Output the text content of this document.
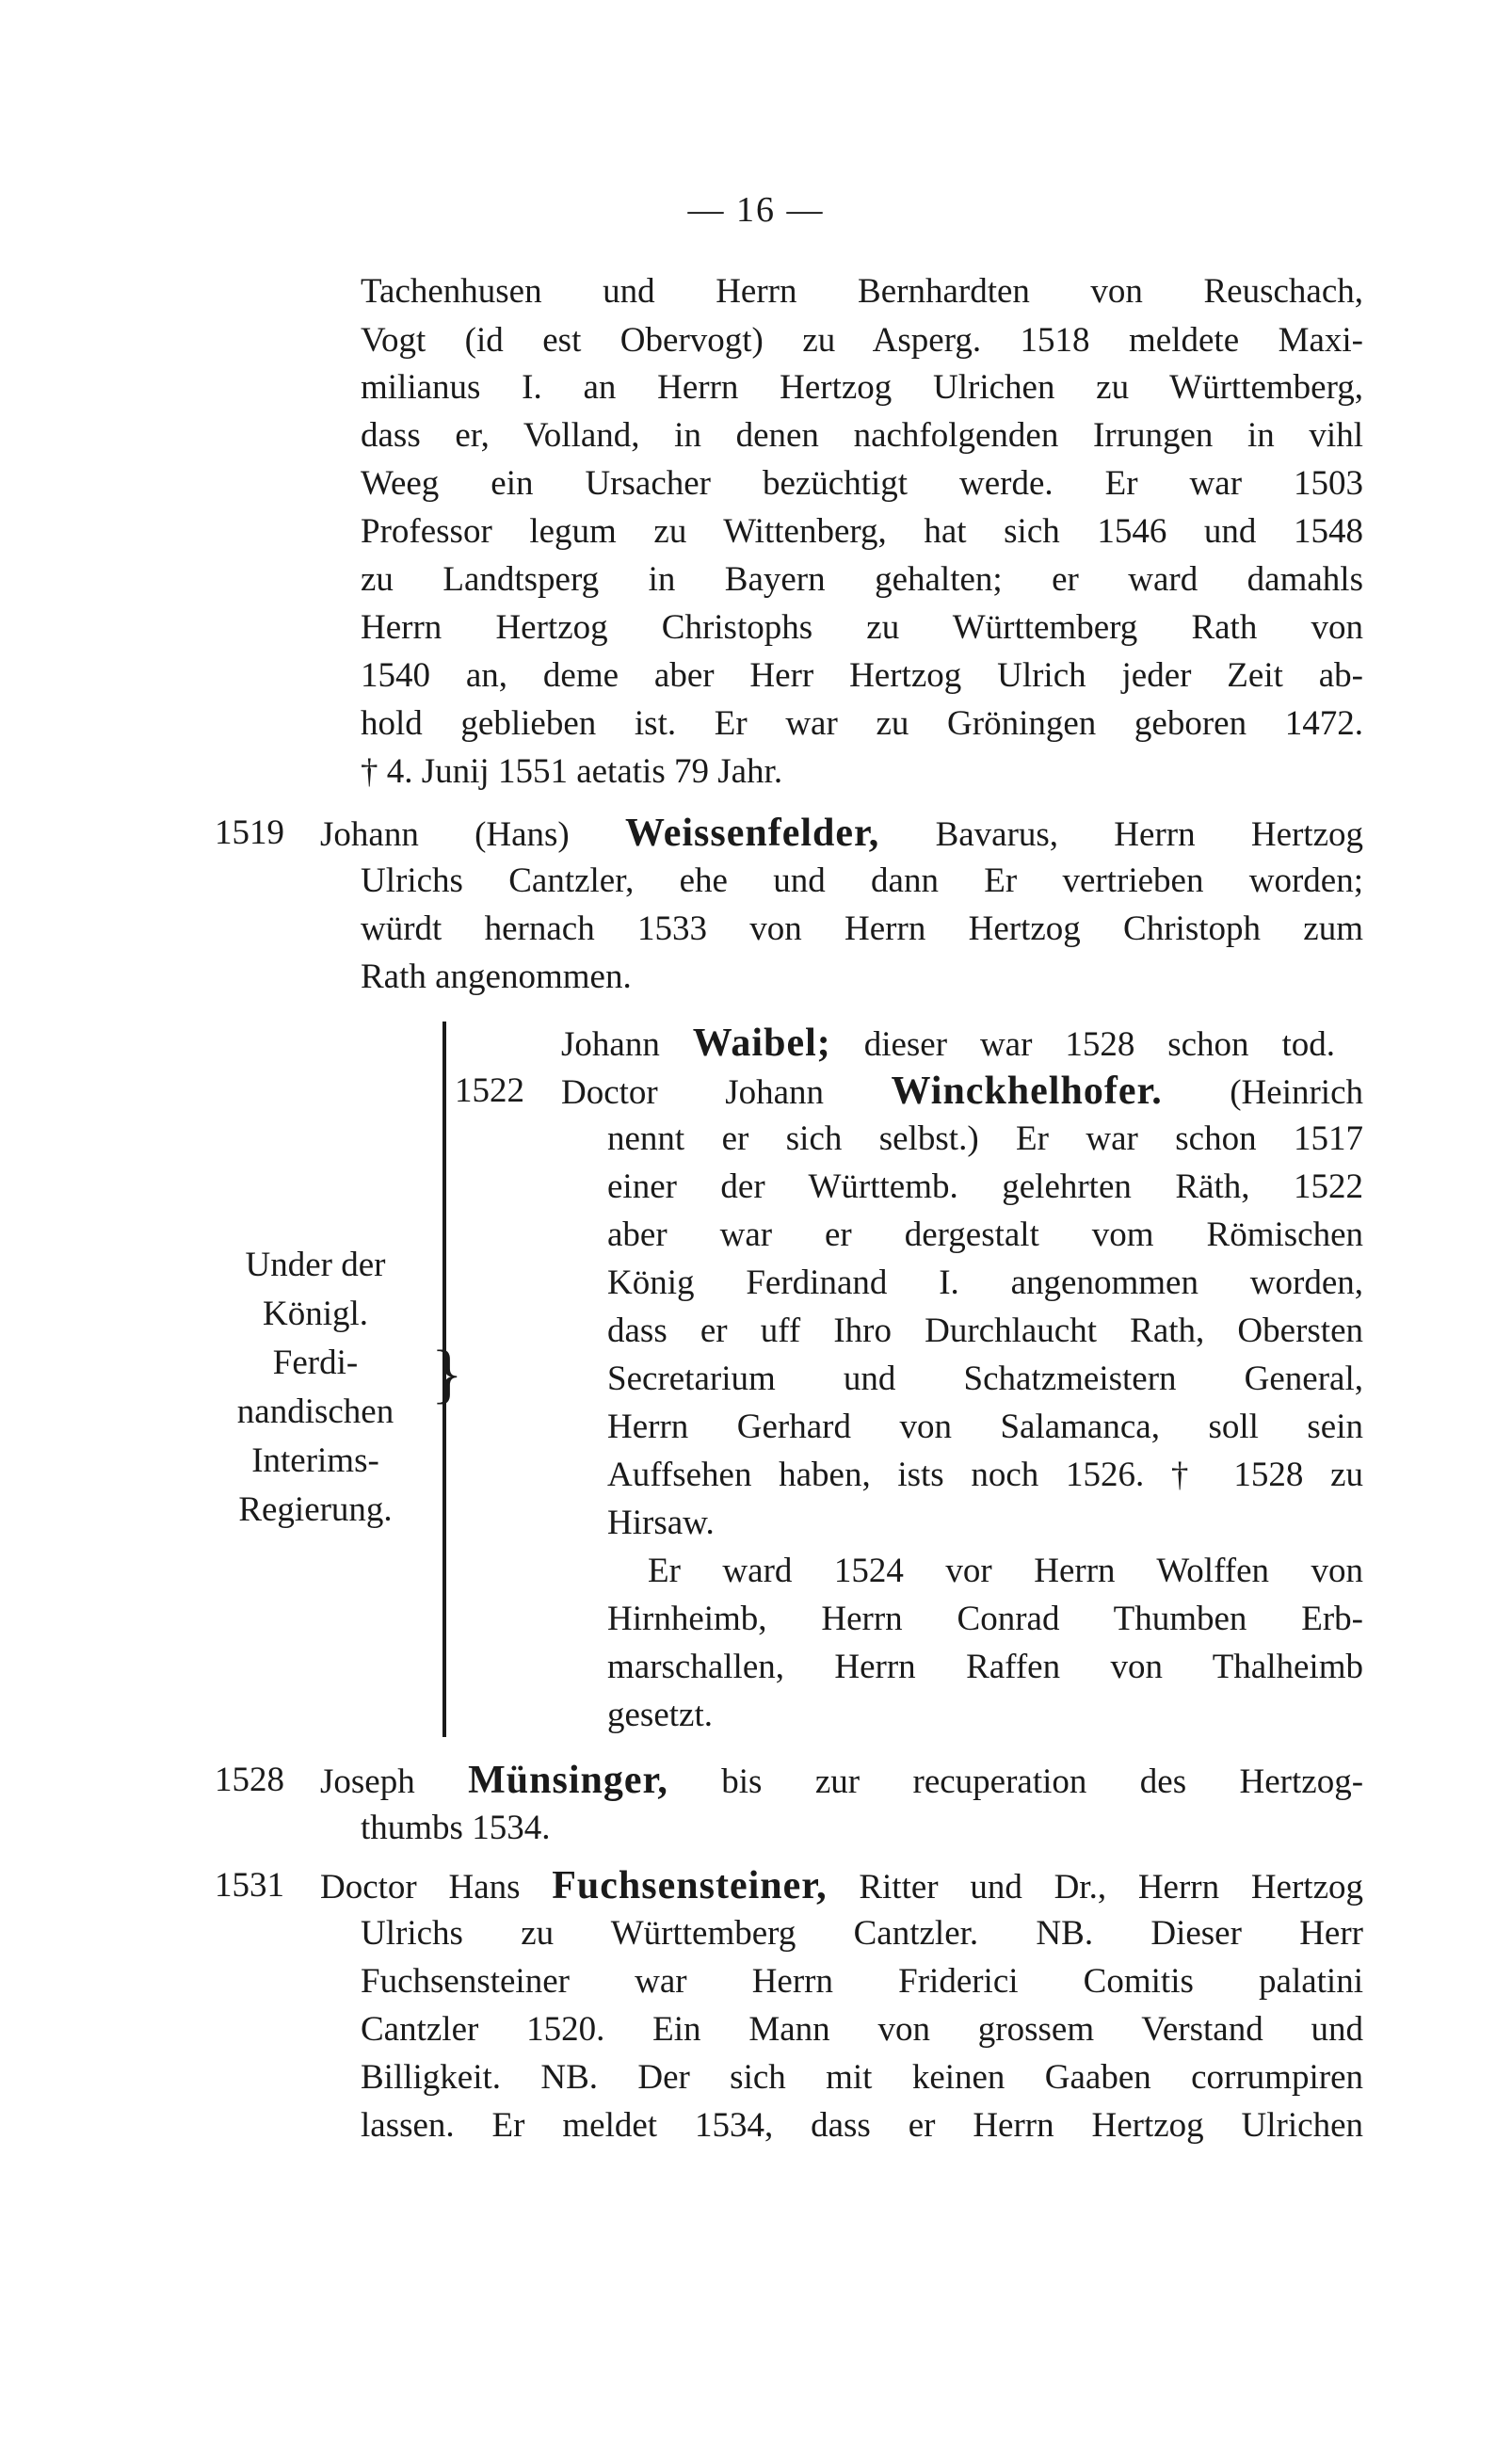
— 16 —
Tachenhusen und Herrn Bernhardten von Reuschach,
Vogt (id est Obervogt) zu Asperg. 1518 meldete Maxi-
milianus I. an Herrn Hertzog Ulrichen zu Württemberg,
dass er, Volland, in denen nachfolgenden Irrungen in vihl
Weeg ein Ursacher bezüchtigt werde. Er war 1503
Professor legum zu Wittenberg, hat sich 1546 und 1548
zu Landtsperg in Bayern gehalten; er ward damahls
Herrn Hertzog Christophs zu Württemberg Rath von
1540 an, deme aber Herr Hertzog Ulrich jeder Zeit ab-
hold geblieben ist. Er war zu Gröningen geboren 1472.
† 4. Junij 1551 aetatis 79 Jahr.
1519 Johann (Hans) Weissenfelder, Bavarus, Herrn Hertzog
Ulrichs Cantzler, ehe und dann Er vertrieben worden;
würdt hernach 1533 von Herrn Hertzog Christoph zum
Rath angenommen.
}
Under der
Königl.
Ferdi-
nandischen
Interims-
Regierung.
Johann Waibel; dieser war 1528 schon tod.
1522 Doctor Johann Winckhelhofer. (Heinrich
nennt er sich selbst.) Er war schon 1517
einer der Württemb. gelehrten Räth, 1522
aber war er dergestalt vom Römischen
König Ferdinand I. angenommen worden,
dass er uff Ihro Durchlaucht Rath, Obersten
Secretarium und Schatzmeistern General,
Herrn Gerhard von Salamanca, soll sein
Auffsehen haben, ists noch 1526. † 1528 zu
Hirsaw.
Er ward 1524 vor Herrn Wolffen von
Hirnheimb, Herrn Conrad Thumben Erb-
marschallen, Herrn Raffen von Thalheimb
gesetzt.
1528 Joseph Münsinger, bis zur recuperation des Hertzog-
thumbs 1534.
1531 Doctor Hans Fuchsensteiner, Ritter und Dr., Herrn Hertzog
Ulrichs zu Württemberg Cantzler. NB. Dieser Herr
Fuchsensteiner war Herrn Friderici Comitis palatini
Cantzler 1520. Ein Mann von grossem Verstand und
Billigkeit. NB. Der sich mit keinen Gaaben corrumpiren
lassen. Er meldet 1534, dass er Herrn Hertzog Ulrichen
